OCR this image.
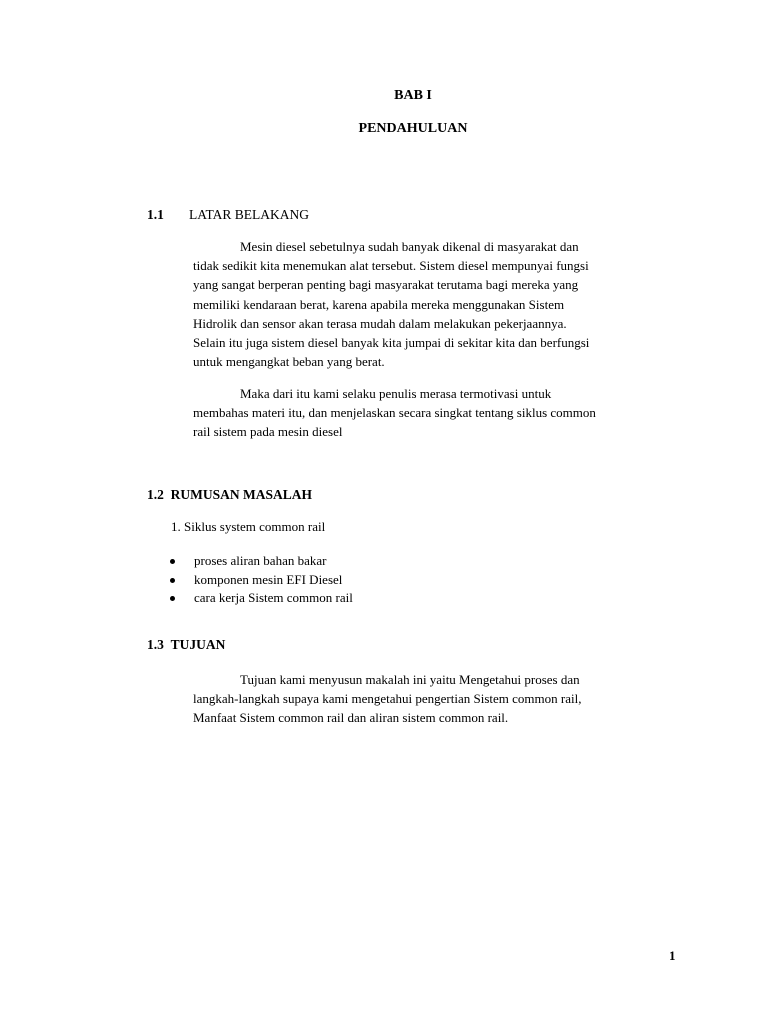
BAB I
PENDAHULUAN
1.1 LATAR BELAKANG
Mesin diesel sebetulnya sudah banyak dikenal di masyarakat dan
tidak sedikit kita menemukan alat tersebut. Sistem diesel mempunyai fungsi
yang sangat berperan penting bagi masyarakat terutama bagi mereka yang
memiliki kendaraan berat, karena apabila mereka menggunakan Sistem
Hidrolik dan sensor akan terasa mudah dalam melakukan pekerjaannya.
Selain itu juga sistem diesel banyak kita jumpai di sekitar kita dan berfungsi
untuk mengangkat beban yang berat.
Maka dari itu kami selaku penulis merasa termotivasi untuk
membahas materi itu, dan menjelaskan secara singkat tentang siklus common
rail sistem pada mesin diesel
1.2 RUMUSAN MASALAH
1. Siklus system common rail
proses aliran bahan bakar
komponen mesin EFI Diesel
cara kerja Sistem common rail
1.3 TUJUAN
Tujuan kami menyusun makalah ini yaitu Mengetahui proses dan
langkah-langkah supaya kami mengetahui pengertian Sistem common rail,
Manfaat Sistem common rail dan aliran sistem common rail.
1
